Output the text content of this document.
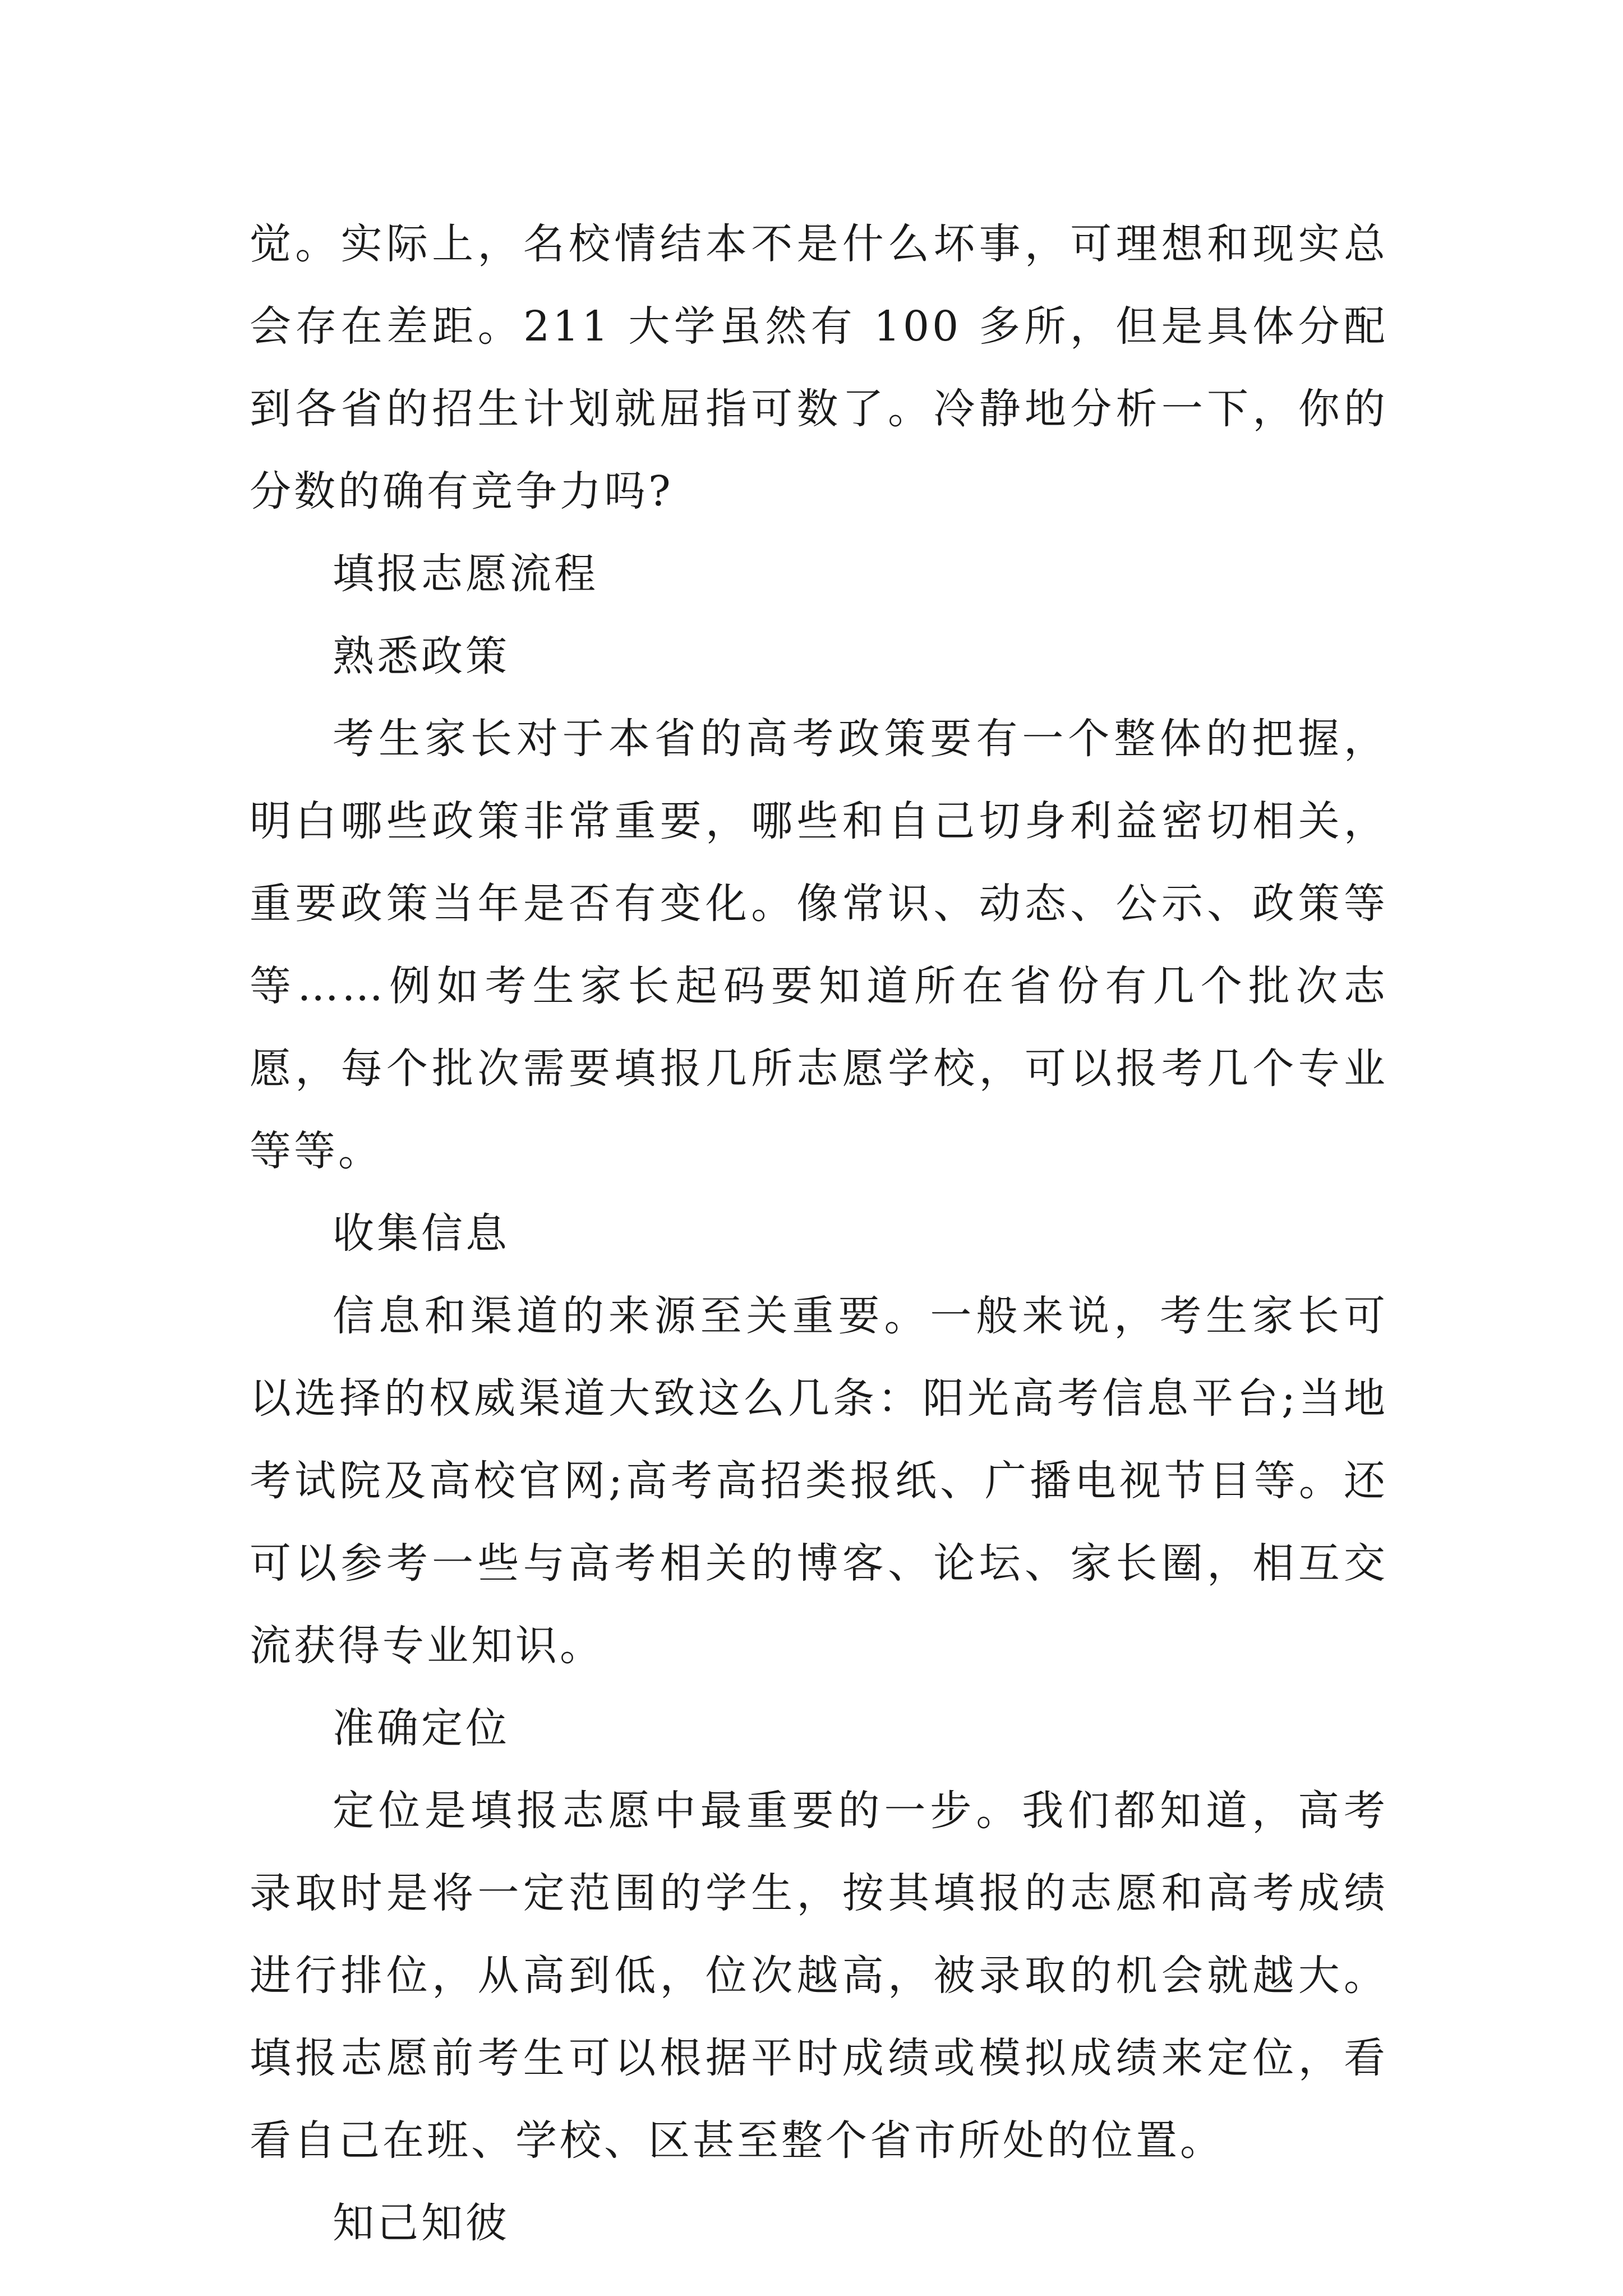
觉。实际上，名校情结本不是什么坏事，可理想和现实总会存在差距。211 大学虽然有 100 多所，但是具体分配到各省的招生计划就屈指可数了。冷静地分析一下，你的分数的确有竞争力吗?

填报志愿流程

熟悉政策

考生家长对于本省的高考政策要有一个整体的把握，明白哪些政策非常重要，哪些和自己切身利益密切相关，重要政策当年是否有变化。像常识、动态、公示、政策等等……例如考生家长起码要知道所在省份有几个批次志愿，每个批次需要填报几所志愿学校，可以报考几个专业等等。

收集信息

信息和渠道的来源至关重要。一般来说，考生家长可以选择的权威渠道大致这么几条：阳光高考信息平台;当地考试院及高校官网;高考高招类报纸、广播电视节目等。还可以参考一些与高考相关的博客、论坛、家长圈，相互交流获得专业知识。

准确定位

定位是填报志愿中最重要的一步。我们都知道，高考录取时是将一定范围的学生，按其填报的志愿和高考成绩进行排位，从高到低，位次越高，被录取的机会就越大。填报志愿前考生可以根据平时成绩或模拟成绩来定位，看看自己在班、学校、区甚至整个省市所处的位置。

知己知彼
